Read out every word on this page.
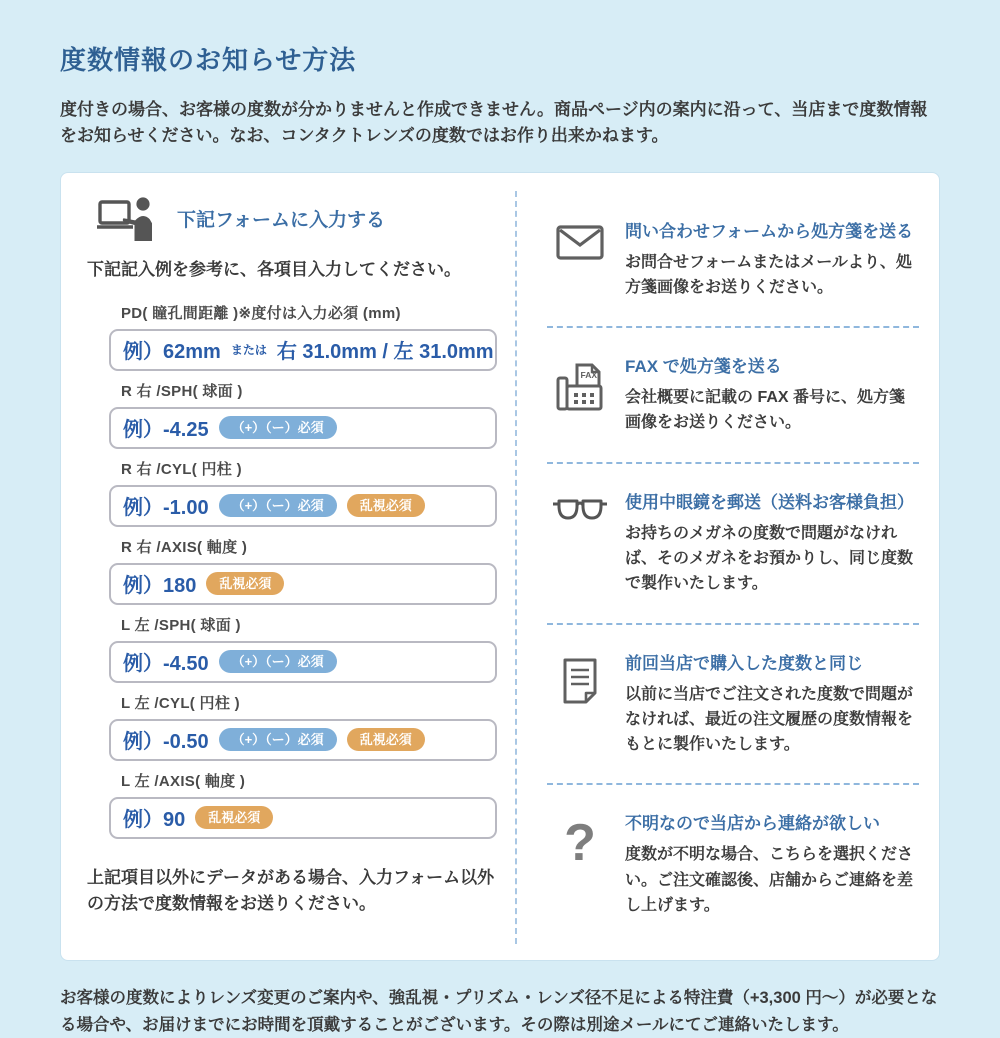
度数情報のお知らせ方法

度付きの場合、お客様の度数が分かりませんと作成できません。商品ページ内の案内に沿って、当店まで度数情報をお知らせください。なお、コンタクトレンズの度数ではお作り出来かねます。

下記フォームに入力する

下記記入例を参考に、各項目入力してください。

PD( 瞳孔間距離 )※度付は入力必須 (mm)
例）62mm または 右 31.0mm / 左 31.0mm
R 右 /SPH( 球面 )
例）-4.25	（+）（ー）必須
R 右 /CYL( 円柱 )
例）-1.00	（+）（ー）必須	乱視必須
R 右 /AXIS( 軸度 )
例）180	乱視必須
L 左 /SPH( 球面 )
例）-4.50	（+）（ー）必須
L 左 /CYL( 円柱 )
例）-0.50	（+）（ー）必須	乱視必須
L 左 /AXIS( 軸度 )
例）90	乱視必須

上記項目以外にデータがある場合、入力フォーム以外の方法で度数情報をお送りください。

問い合わせフォームから処方箋を送る

お問合せフォームまたはメールより、処方箋画像をお送りください。

FAX FAX で処方箋を送る

会社概要に記載の FAX 番号に、処方箋画像をお送りください。

使用中眼鏡を郵送（送料お客様負担）

お持ちのメガネの度数で問題がなければ、そのメガネをお預かりし、同じ度数で製作いたします。

前回当店で購入した度数と同じ

以前に当店でご注文された度数で問題がなければ、最近の注文履歴の度数情報をもとに製作いたします。

? 不明なので当店から連絡が欲しい

度数が不明な場合、こちらを選択ください。ご注文確認後、店舗からご連絡を差し上げます。

お客様の度数によりレンズ変更のご案内や、強乱視・プリズム・レンズ径不足による特注費（+3,300 円〜）が必要となる場合や、お届けまでにお時間を頂戴することがございます。その際は別途メールにてご連絡いたします。
